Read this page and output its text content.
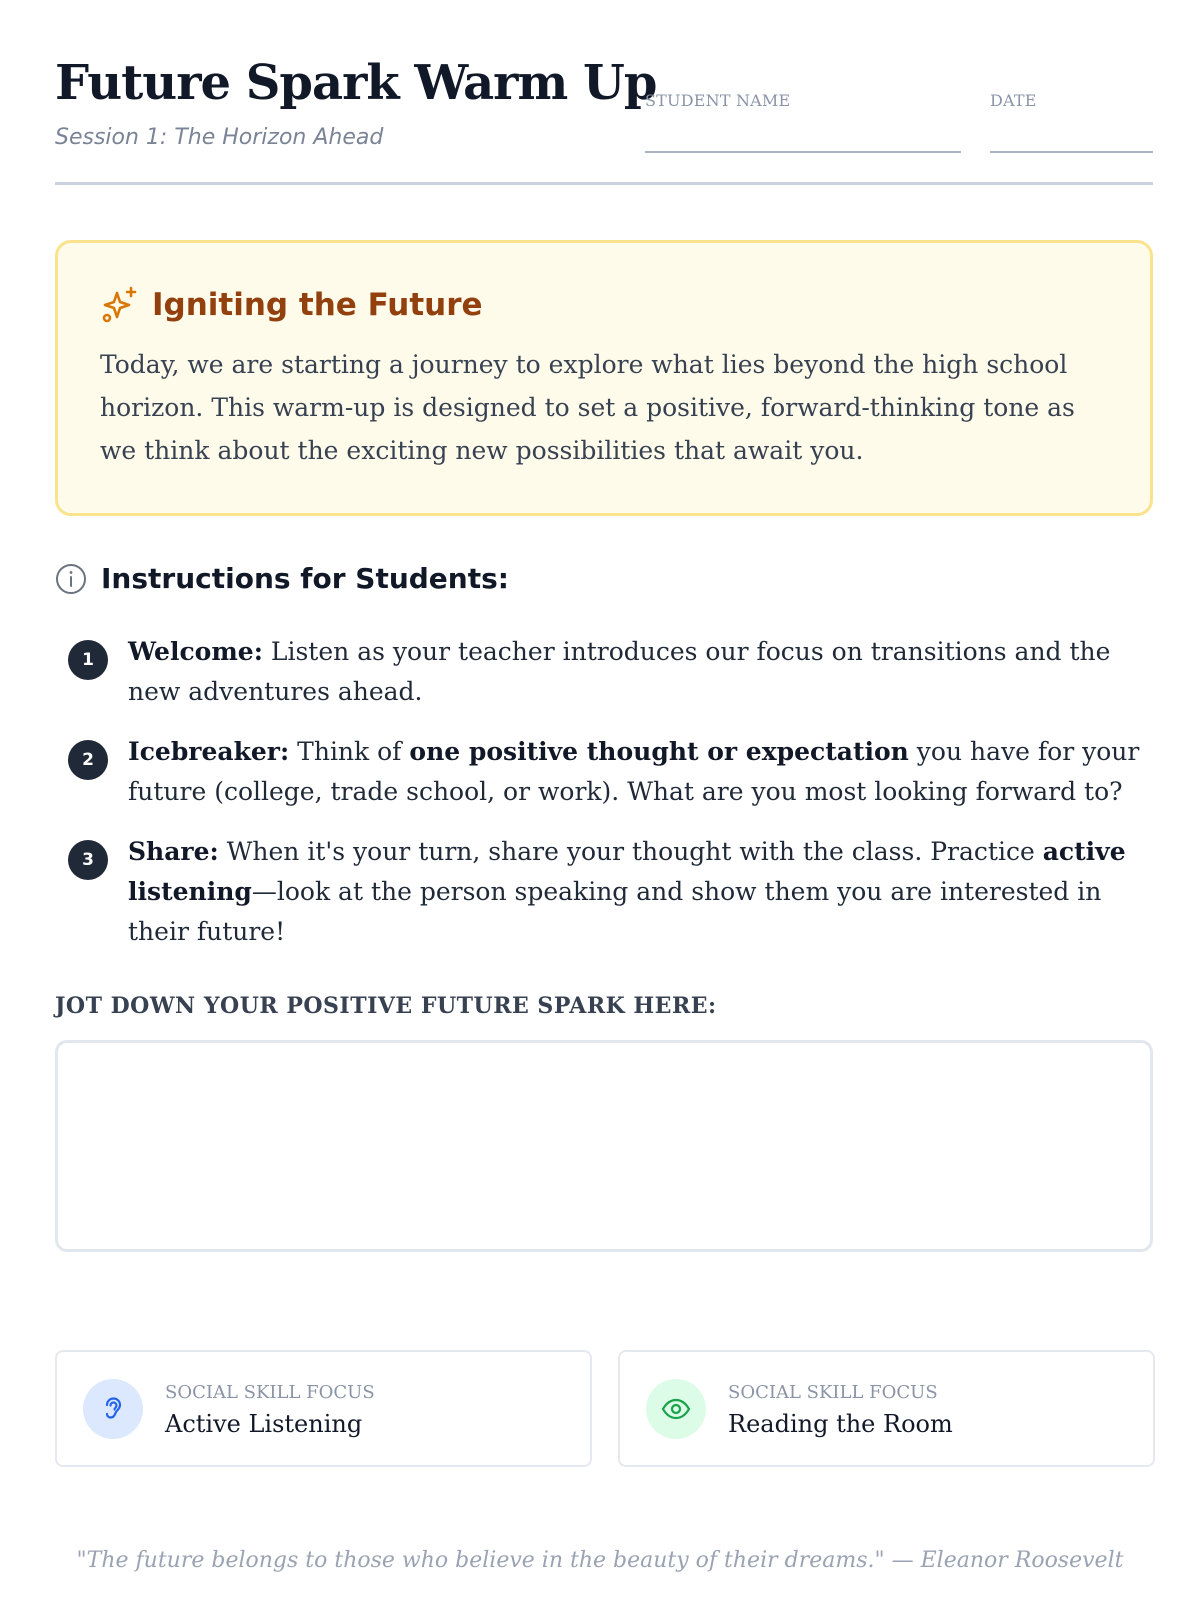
Future Spark Warm Up
Session 1: The Horizon Ahead
STUDENT NAME	DATE
Igniting the Future

Today, we are starting a journey to explore what lies beyond the high school horizon. This warm-up is designed to set a positive, forward-thinking tone as we think about the exciting new possibilities that await you.

Instructions for Students:
1	Welcome: Listen as your teacher introduces our focus on transitions and the new adventures ahead.

2	Icebreaker: Think of one positive thought or expectation you have for your future (college, trade school, or work). What are you most looking forward to?

3	Share: When it's your turn, share your thought with the class. Practice active listening—look at the person speaking and show them you are interested in their future!

JOT DOWN YOUR POSITIVE FUTURE SPARK HERE:
SOCIAL SKILL FOCUS
Active Listening
SOCIAL SKILL FOCUS
Reading the Room
"The future belongs to those who believe in the beauty of their dreams." — Eleanor Roosevelt
